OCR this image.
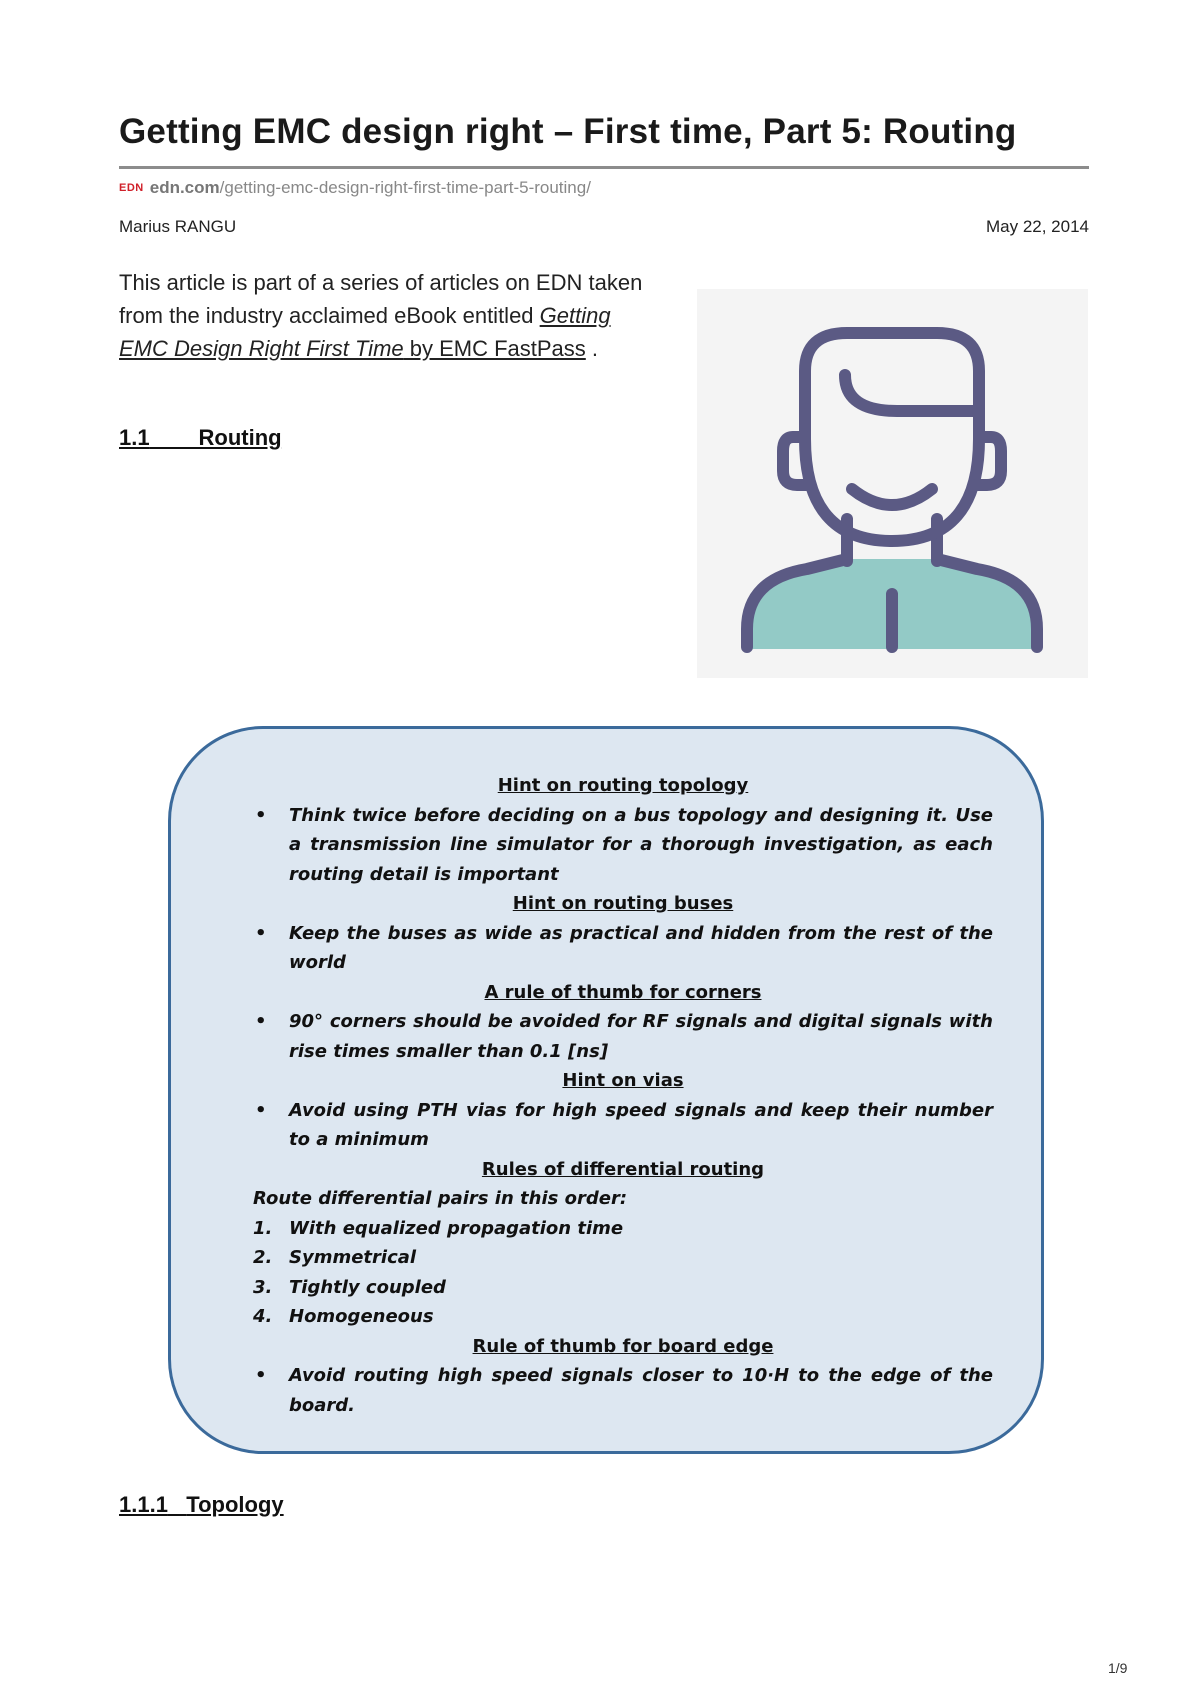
Getting EMC design right – First time, Part 5: Routing
EDN edn.com/getting-emc-design-right-first-time-part-5-routing/
Marius RANGU	May 22, 2014

This article is part of a series of articles on EDN taken from the industry acclaimed eBook entitled Getting EMC Design Right First Time by EMC FastPass .

1.1 Routing

Hint on routing topology

• Think twice before deciding on a bus topology and designing it. Use a transmission line simulator for a thorough investigation, as each routing detail is important

Hint on routing buses

• Keep the buses as wide as practical and hidden from the rest of the world

A rule of thumb for corners

• 90° corners should be avoided for RF signals and digital signals with rise times smaller than 0.1 [ns]

Hint on vias

• Avoid using PTH vias for high speed signals and keep their number to a minimum

Rules of differential routing

Route differential pairs in this order:

1. With equalized propagation time

2. Symmetrical

3. Tightly coupled

4. Homogeneous

Rule of thumb for board edge

• Avoid routing high speed signals closer to 10·H to the edge of the board.

1.1.1 Topology
1/9
